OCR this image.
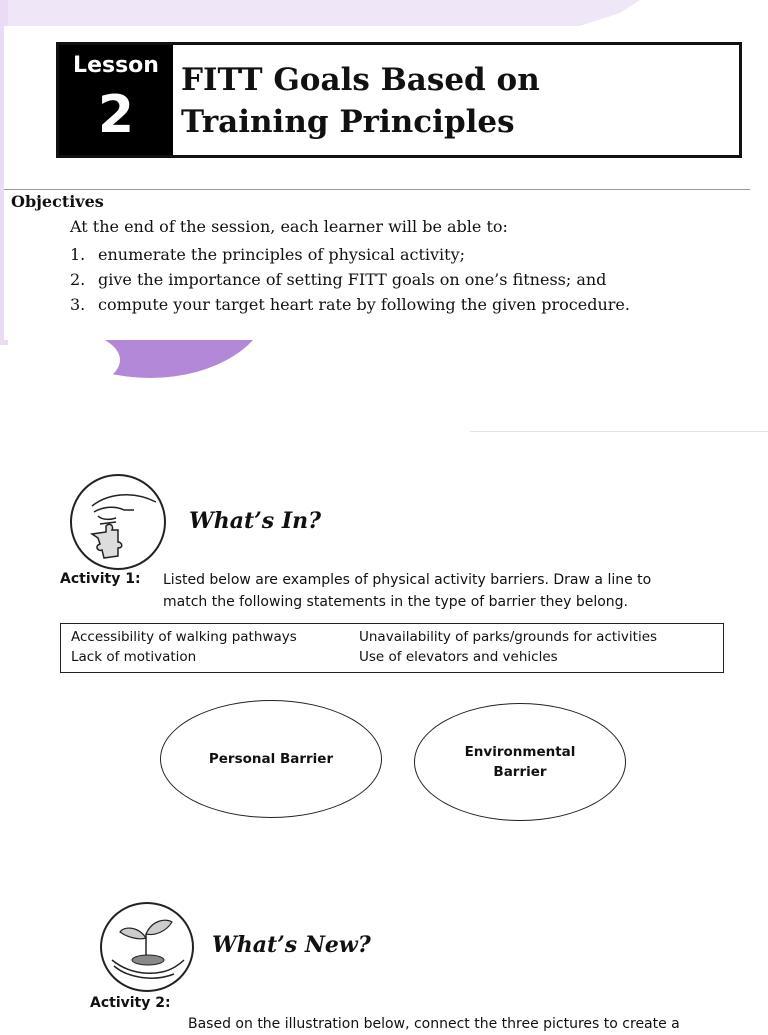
Lesson
2
FITT Goals Based on
Training Principles
Objectives
At the end of the session, each learner will be able to:
1. enumerate the principles of physical activity;
2. give the importance of setting FITT goals on one’s fitness; and
3. compute your target heart rate by following the given procedure.
What’s In?
Activity 1: Listed below are examples of physical activity barriers. Draw a line to
match the following statements in the type of barrier they belong.
Accessibility of walking pathways
Lack of motivation
Unavailability of parks/grounds for activities
Use of elevators and vehicles
Personal Barrier	Environmental
Barrier
What’s New?
Activity 2:
Based on the illustration below, connect the three pictures to create a
